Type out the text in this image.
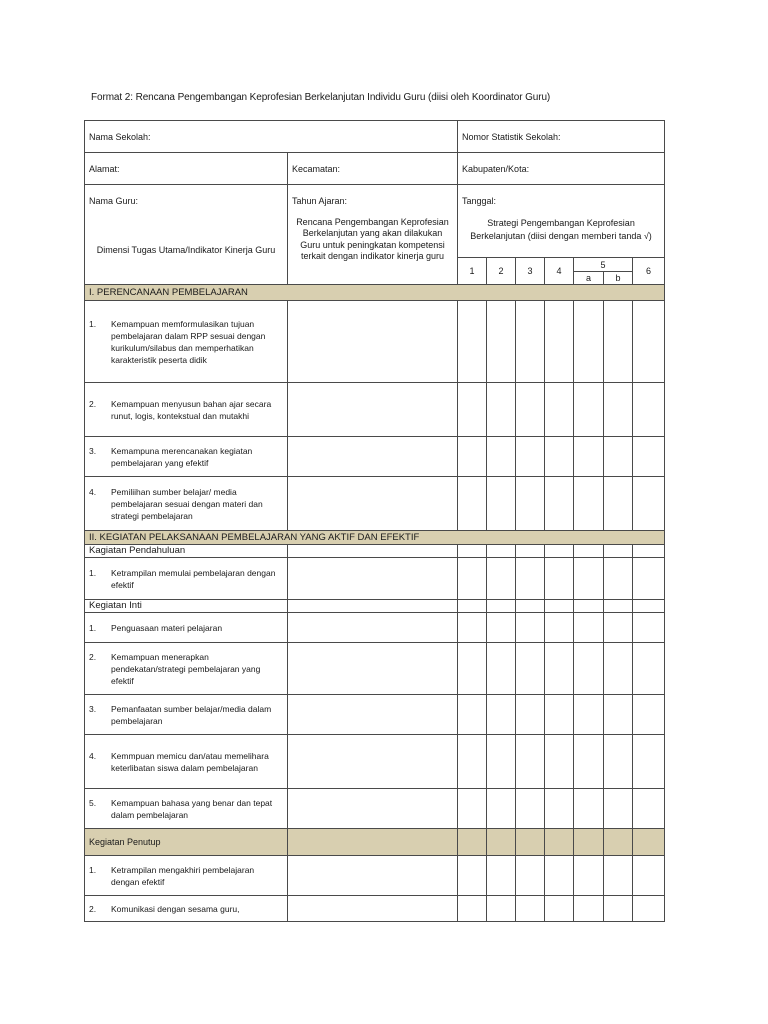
Format 2: Rencana Pengembangan Keprofesian Berkelanjutan Individu Guru (diisi oleh Koordinator Guru)
Nama Sekolah:		Nomor Statistik Sekolah:						
Alamat:	Kecamatan:	Kabupaten/Kota:						
Nama Guru:	Tahun Ajaran:	Tanggal:						
Dimensi Tugas Utama/Indikator Kinerja Guru	Rencana Pengembangan Keprofesian Berkelanjutan yang akan dilakukan Guru untuk peningkatan kompetensi terkait dengan indikator kinerja guru	Strategi Pengembangan Keprofesian Berkelanjutan (diisi dengan memberi tanda √)						
		1	2	3	4	5		6
						a	b	
I. PERENCANAAN PEMBELAJARAN								

1. Kemampuan memformulasikan tujuan pembelajaran dalam RPP sesuai dengan kurikulum/silabus dan memperhatikan karakteristik peserta didik								

2. Kemampuan menyusun bahan ajar secara runut, logis, kontekstual dan mutakhi								

3. Kemampuna merencanakan kegiatan pembelajaran yang efektif								

4. Pemiliihan sumber belajar/ media pembelajaran sesuai dengan materi dan strategi pembelajaran								

II. KEGIATAN PELAKSANAAN PEMBELAJARAN YANG AKTIF DAN EFEKTIF								
Kagiatan Pendahuluan								

1. Ketrampilan memulai pembelajaran dengan efektif								

Kegiatan Inti								

1. Penguasaan materi pelajaran								

2. Kemampuan menerapkan pendekatan/strategi pembelajaran yang efektif								

3. Pemanfaatan sumber belajar/media dalam pembelajaran								

4. Kemmpuan memicu dan/atau memelihara keterlibatan siswa dalam pembelajaran								

5. Kemampuan bahasa yang benar dan tepat dalam pembelajaran								

Kegiatan Penutup								

1. Ketrampilan mengakhiri pembelajaran dengan efektif								

2. Komunikasi dengan sesama guru,								
